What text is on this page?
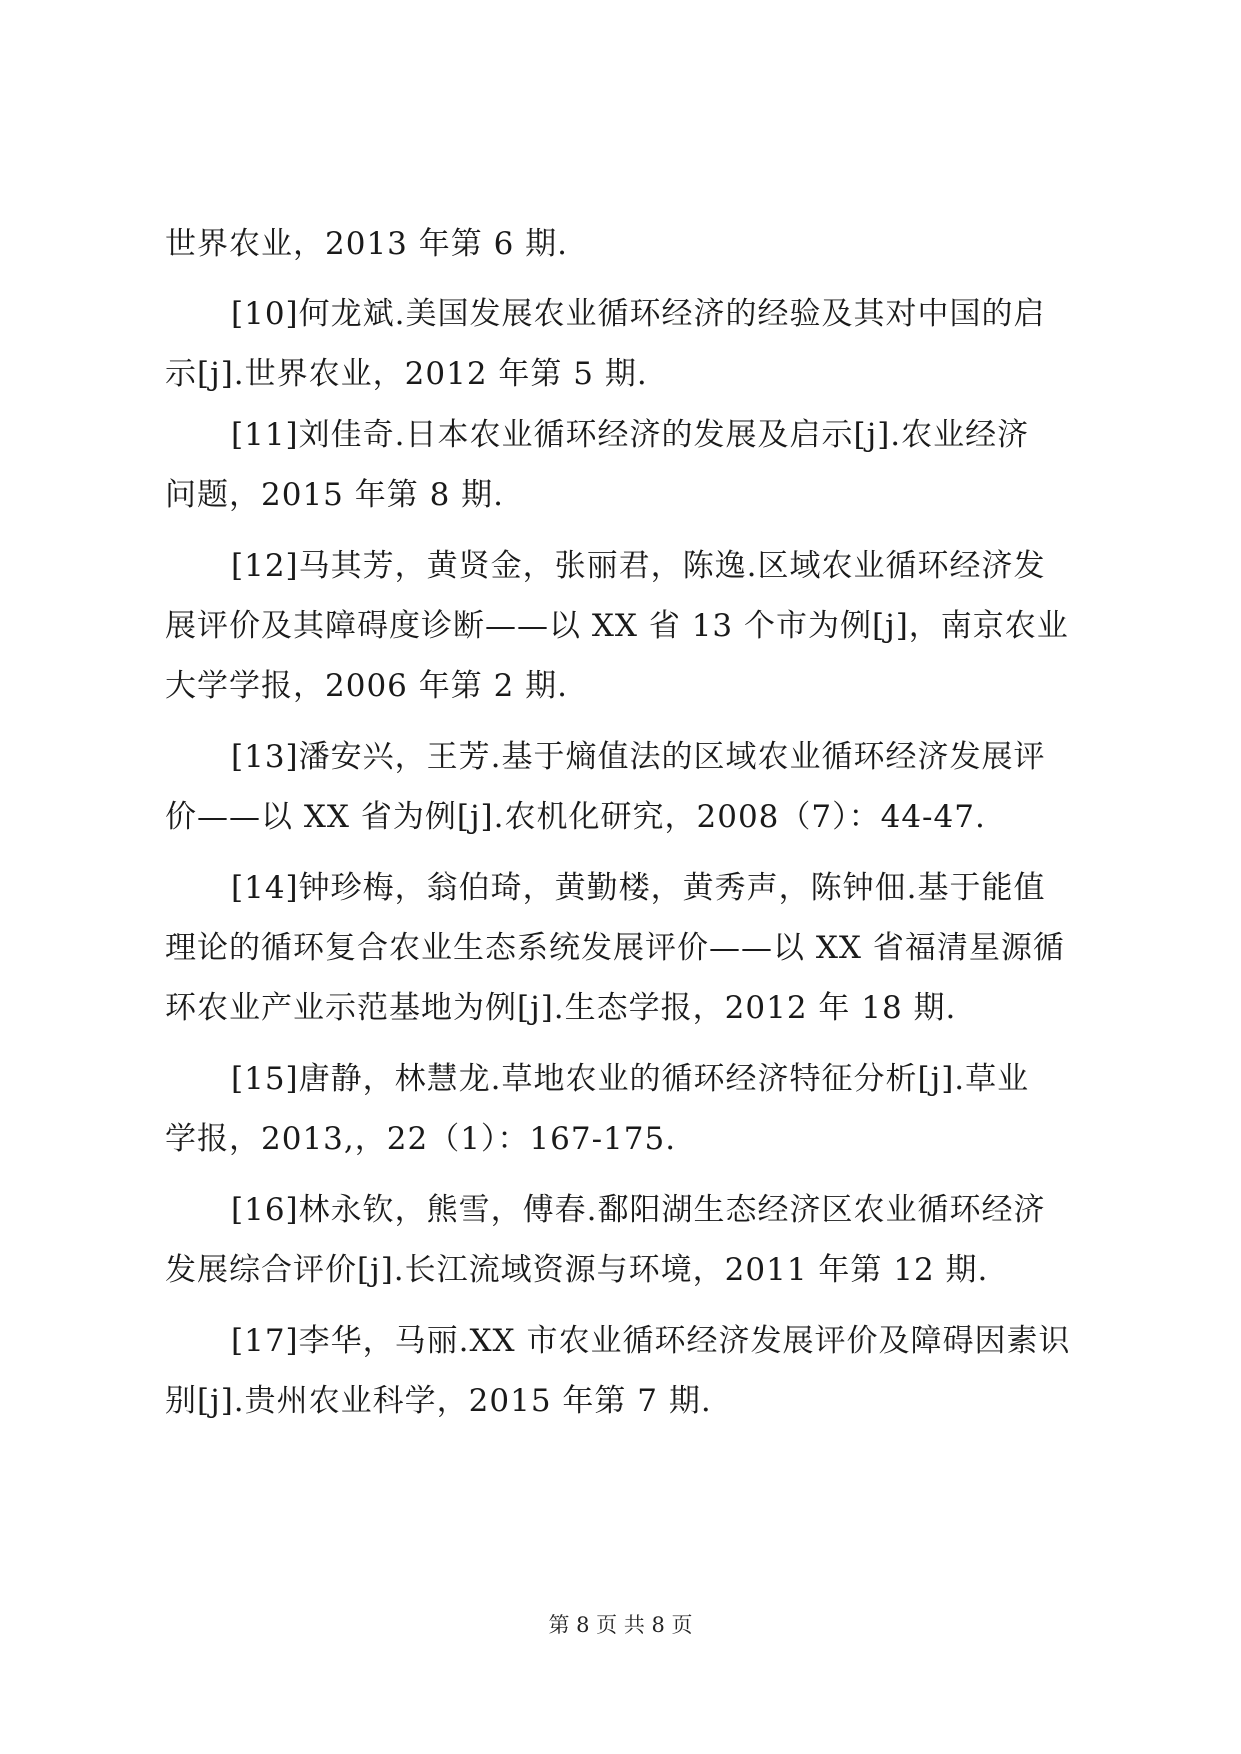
世界农业，2013 年第 6 期.
[10]何龙斌.美国发展农业循环经济的经验及其对中国的启
示[j].世界农业，2012 年第 5 期.
[11]刘佳奇.日本农业循环经济的发展及启示[j].农业经济
问题，2015 年第 8 期.
[12]马其芳，黄贤金，张丽君，陈逸.区域农业循环经济发
展评价及其障碍度诊断——以 XX 省 13 个市为例[j]，南京农业
大学学报，2006 年第 2 期.
[13]潘安兴，王芳.基于熵值法的区域农业循环经济发展评
价——以 XX 省为例[j].农机化研究，2008（7）：44-47.
[14]钟珍梅，翁伯琦，黄勤楼，黄秀声，陈钟佃.基于能值
理论的循环复合农业生态系统发展评价——以 XX 省福清星源循
环农业产业示范基地为例[j].生态学报，2012 年 18 期.
[15]唐静，林慧龙.草地农业的循环经济特征分析[j].草业
学报，2013,，22（1）：167-175.
[16]林永钦，熊雪，傅春.鄱阳湖生态经济区农业循环经济
发展综合评价[j].长江流域资源与环境，2011 年第 12 期.
[17]李华，马丽.XX 市农业循环经济发展评价及障碍因素识
别[j].贵州农业科学，2015 年第 7 期.
第 8 页 共 8 页
